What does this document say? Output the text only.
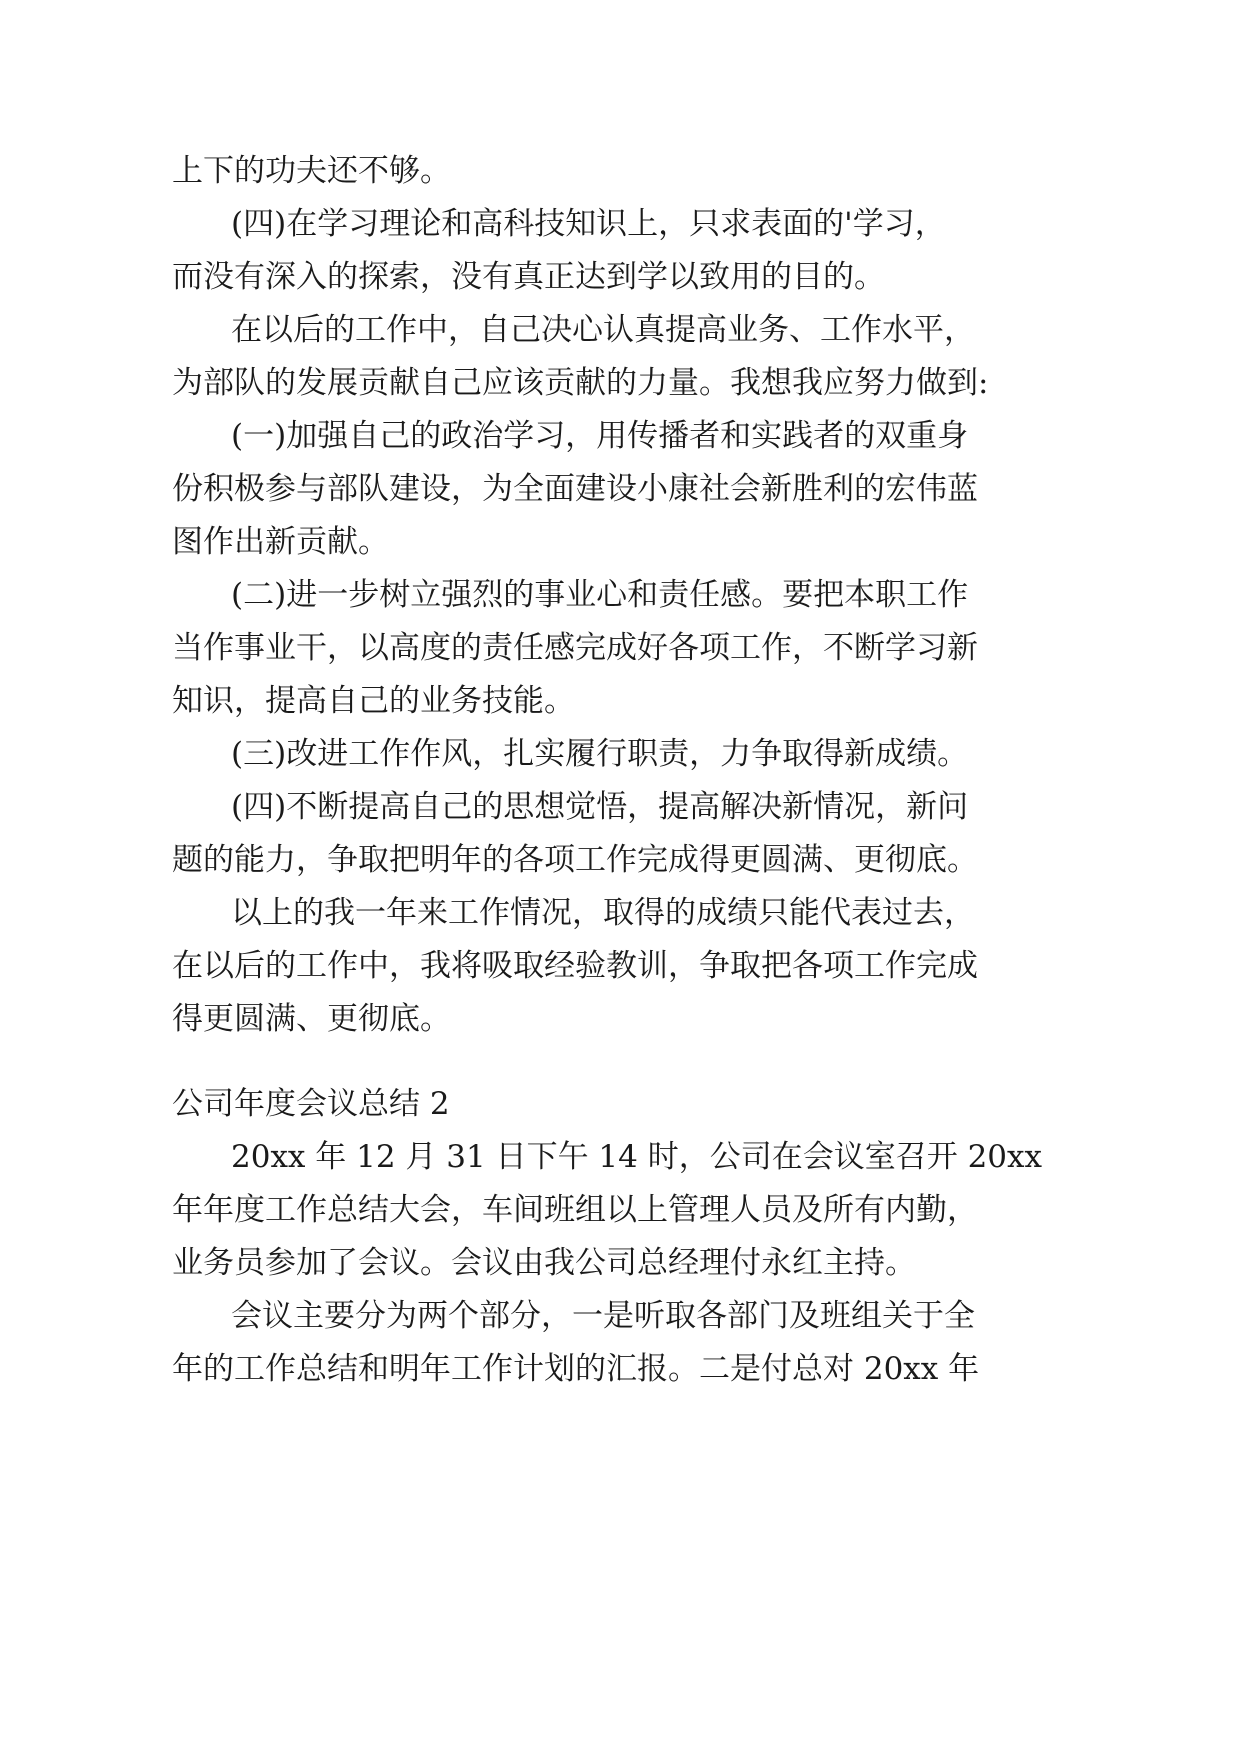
上下的功夫还不够。
(四)在学习理论和高科技知识上，只求表面的'学习，
而没有深入的探索，没有真正达到学以致用的目的。
在以后的工作中，自己决心认真提高业务、工作水平，
为部队的发展贡献自己应该贡献的力量。我想我应努力做到:
(一)加强自己的政治学习，用传播者和实践者的双重身
份积极参与部队建设，为全面建设小康社会新胜利的宏伟蓝
图作出新贡献。
(二)进一步树立强烈的事业心和责任感。要把本职工作
当作事业干，以高度的责任感完成好各项工作，不断学习新
知识，提高自己的业务技能。
(三)改进工作作风，扎实履行职责，力争取得新成绩。
(四)不断提高自己的思想觉悟，提高解决新情况，新问
题的能力，争取把明年的各项工作完成得更圆满、更彻底。
以上的我一年来工作情况，取得的成绩只能代表过去，
在以后的工作中，我将吸取经验教训，争取把各项工作完成
得更圆满、更彻底。
公司年度会议总结 2
20xx 年 12 月 31 日下午 14 时，公司在会议室召开 20xx
年年度工作总结大会，车间班组以上管理人员及所有内勤，
业务员参加了会议。会议由我公司总经理付永红主持。
会议主要分为两个部分，一是听取各部门及班组关于全
年的工作总结和明年工作计划的汇报。二是付总对 20xx 年
